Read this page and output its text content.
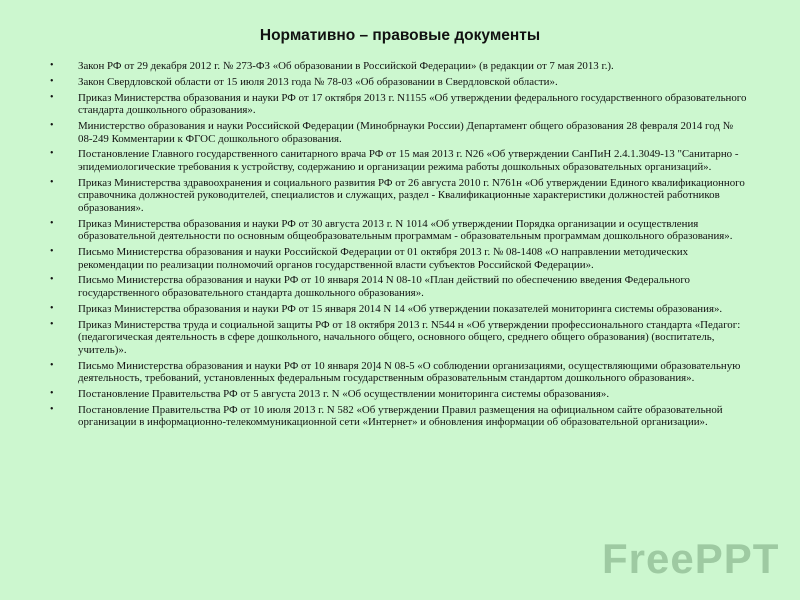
Нормативно – правовые документы
• Закон РФ от 29 декабря 2012 г. № 273-ФЗ «Об образовании в Российской Федерации» (в редакции от 7 мая 2013 г.).
• Закон Свердловской области от 15 июля 2013 года № 78-03 «Об образовании в Свердловской области».
• Приказ Министерства образования и науки РФ от 17 октября 2013 г. N1155 «Об утверждении федерального государственного образовательного стандарта дошкольного образования».
• Министерство образования и науки Российской Федерации (Минобрнауки России) Департамент общего образования 28 февраля 2014 год № 08-249 Комментарии к ФГОС дошкольного образования.
• Постановление Главного государственного санитарного врача РФ от 15 мая 2013 г. N26 «Об утверждении СанПиН 2.4.1.3049-13 "Санитарно - эпидемиологические требования к устройству, содержанию и организации режима работы дошкольных образовательных организаций».
• Приказ Министерства здравоохранения и социального развития РФ от 26 августа 2010 г. N761н «Об утверждении Единого квалификационного справочника должностей руководителей, специалистов и служащих, раздел - Квалификационные характеристики должностей работников образования».
• Приказ Министерства образования и науки РФ от 30 августа 2013 г. N 1014 «Об утверждении Порядка организации и осуществления образовательной деятельности по основным общеобразовательным программам - образовательным программам дошкольного образования».
• Письмо Министерства образования и науки Российской Федерации от 01 октября 2013 г. № 08-1408 «О направлении методических рекомендации по реализации полномочий органов государственной власти субъектов Российской Федерации».
• Письмо Министерства образования и науки РФ от 10 января 2014 N 08-10 «План действий по обеспечению введения Федерального государственного образовательного стандарта дошкольного образования».
• Приказ Министерства образования и науки РФ от 15 января 2014 N 14 «Об утверждении показателей мониторинга системы образования».
• Приказ Министерства труда и социальной защиты РФ от 18 октября 2013 г. N544 н «Об утверждении профессионального стандарта «Педагог: (педагогическая деятельность в сфере дошкольного, начального общего, основного общего, среднего общего образования) (воспитатель, учитель)».
• Письмо Министерства образования и науки РФ от 10 января 20]4 N 08-5 «О соблюдении организациями, осуществляющими образовательную деятельность, требований, установленных федеральным государственным образовательным стандартом дошкольного образования».
• Постановление Правительства РФ от 5 августа 2013 г. N «Об осуществлении мониторинга системы образования».
• Постановление Правительства РФ от 10 июля 2013 г. N 582 «Об утверждении Правил размещения на официальном сайте образовательной организации в информационно-телекоммуникационной сети «Интернет» и обновления информации об образовательной организации».
FreePPT
